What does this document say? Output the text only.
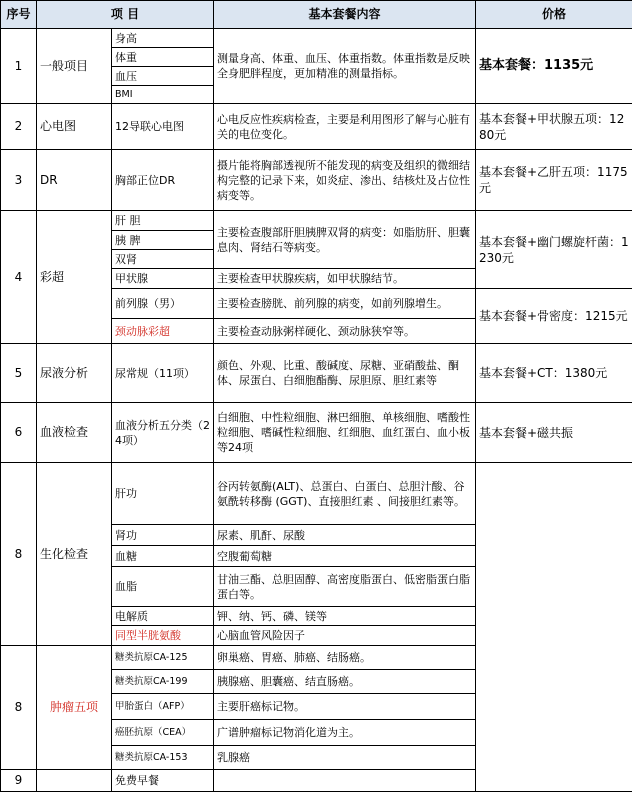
序号	项 目		基本套餐内容	价格
1	一般项目	身高	测量身高、体重、血压、体重指数。体重指数是反映全身肥胖程度，更加精准的测量指标。	基本套餐：1135元
		体重		
		血压		
		BMI		
2	心电图	12导联心电图	心电反应性疾病检查，主要是利用图形了解与心脏有关的电位变化。	基本套餐+甲状腺五项：1280元
3	DR	胸部正位DR	摄片能将胸部透视所不能发现的病变及组织的微细结构完整的记录下来，如炎症、渗出、结核灶及占位性病变等。	基本套餐+乙肝五项：1175元
4	彩超	肝 胆	主要检查腹部肝胆胰脾双肾的病变：如脂肪肝、胆囊息肉、肾结石等病变。	基本套餐+幽门螺旋杆菌：1230元
		胰 脾		
		双肾		
		甲状腺	主要检查甲状腺疾病，如甲状腺结节。	
		前列腺（男）	主要检查膀胱、前列腺的病变，如前列腺增生。	基本套餐+骨密度：1215元
		颈动脉彩超	主要检查动脉粥样硬化、颈动脉狭窄等。	
5	尿液分析	尿常规（11项）	颜色、外观、比重、酸碱度、尿糖、亚硝酸盐、酮体、尿蛋白、白细胞酯酶、尿胆原、胆红素等	基本套餐+CT：1380元
6	血液检查	血液分析五分类（24项）	白细胞、中性粒细胞、淋巴细胞、单核细胞、嗜酸性粒细胞、嗜碱性粒细胞、红细胞、血红蛋白、血小板等24项	基本套餐+磁共振
8	生化检查	肝功	谷丙转氨酶(ALT)、总蛋白、白蛋白、总胆汁酸、谷氨酰转移酶 (GGT)、直接胆红素 、间接胆红素等。	
		肾功	尿素、肌酐、尿酸	
		血糖	空腹葡萄糖	
		血脂	甘油三酯、总胆固醇、高密度脂蛋白、低密脂蛋白脂蛋白等。	
		电解质	钾、纳、钙、磷、镁等	
		同型半胱氨酸	心脑血管风险因子	
8	肿瘤五项	糖类抗原CA-125	卵巢癌、胃癌、肺癌、结肠癌。	
		糖类抗原CA-199	胰腺癌、胆囊癌、结直肠癌。	
		甲胎蛋白（AFP）	主要肝癌标记物。	
		癌胚抗原（CEA）	广谱肿瘤标记物消化道为主。	
		糖类抗原CA-153	乳腺癌	
9		免费早餐		
